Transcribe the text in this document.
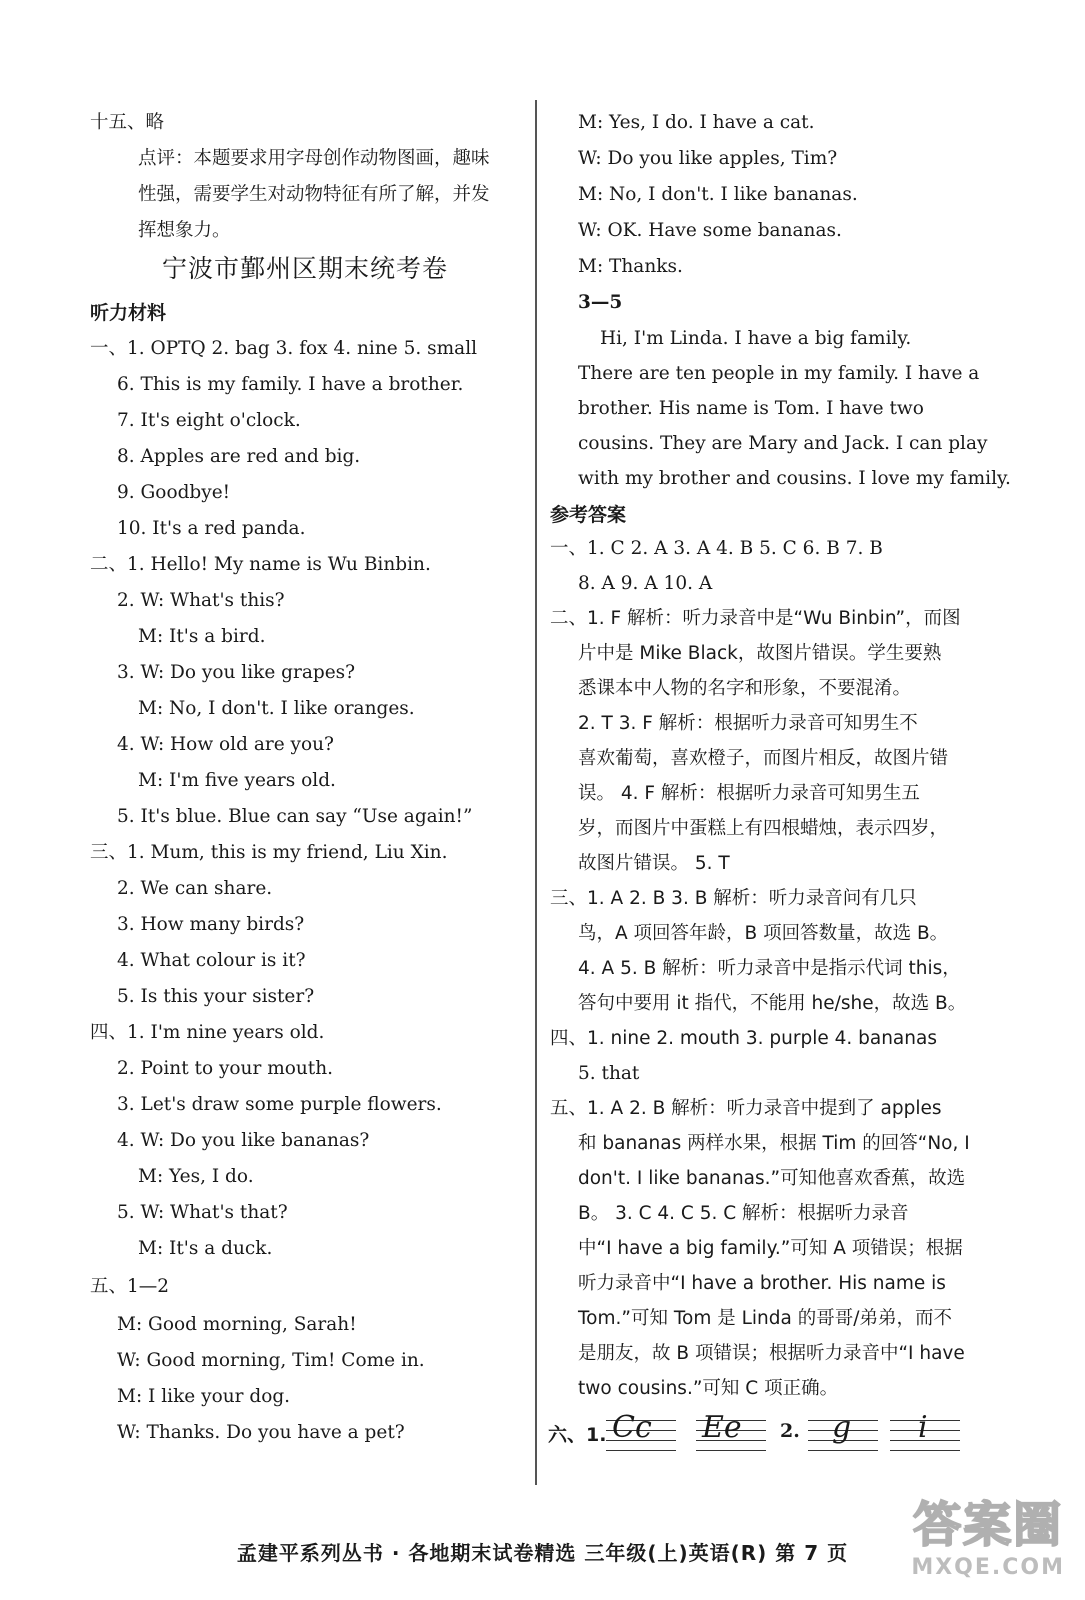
十五、略
点评：本题要求用字母创作动物图画，趣味
性强，需要学生对动物特征有所了解，并发
挥想象力。
宁波市鄞州区期末统考卷
听力材料
一、1. OPTQ 2. bag 3. fox 4. nine 5. small
6. This is my family. I have a brother.
7. It's eight o'clock.
8. Apples are red and big.
9. Goodbye!
10. It's a red panda.
二、1. Hello! My name is Wu Binbin.
2. W: What's this?
M: It's a bird.
3. W: Do you like grapes?
M: No, I don't. I like oranges.
4. W: How old are you?
M: I'm five years old.
5. It's blue. Blue can say “Use again!”
三、1. Mum, this is my friend, Liu Xin.
2. We can share.
3. How many birds?
4. What colour is it?
5. Is this your sister?
四、1. I'm nine years old.
2. Point to your mouth.
3. Let's draw some purple flowers.
4. W: Do you like bananas?
M: Yes, I do.
5. W: What's that?
M: It's a duck.
五、1—2
M: Good morning, Sarah!
W: Good morning, Tim! Come in.
M: I like your dog.
W: Thanks. Do you have a pet?
M: Yes, I do. I have a cat.
W: Do you like apples, Tim?
M: No, I don't. I like bananas.
W: OK. Have some bananas.
M: Thanks.
3—5
Hi, I'm Linda. I have a big family.
There are ten people in my family. I have a
brother. His name is Tom. I have two
cousins. They are Mary and Jack. I can play
with my brother and cousins. I love my family.
参考答案
一、1. C 2. A 3. A 4. B 5. C 6. B 7. B
8. A 9. A 10. A
二、1. F 解析：听力录音中是“Wu Binbin”，而图
片中是 Mike Black，故图片错误。学生要熟
悉课本中人物的名字和形象，不要混淆。
2. T 3. F 解析：根据听力录音可知男生不
喜欢葡萄，喜欢橙子，而图片相反，故图片错
误。 4. F 解析：根据听力录音可知男生五
岁，而图片中蛋糕上有四根蜡烛，表示四岁，
故图片错误。 5. T
三、1. A 2. B 3. B 解析：听力录音问有几只
鸟，A 项回答年龄，B 项回答数量，故选 B。
4. A 5. B 解析：听力录音中是指示代词 this，
答句中要用 it 指代，不能用 he/she，故选 B。
四、1. nine 2. mouth 3. purple 4. bananas
5. that
五、1. A 2. B 解析：听力录音中提到了 apples
和 bananas 两样水果，根据 Tim 的回答“No, I
don't. I like bananas.”可知他喜欢香蕉，故选
B。 3. C 4. C 5. C 解析：根据听力录音
中“I have a big family.”可知 A 项错误；根据
听力录音中“I have a brother. His name is
Tom.”可知 Tom 是 Linda 的哥哥/弟弟，而不
是朋友，故 B 项错误；根据听力录音中“I have
two cousins.”可知 C 项正确。
六、1. Cc Ee 2. g i
孟建平系列丛书 · 各地期末试卷精选 三年级(上)英语(R) 第 7 页	答案圈
MXQE.COM
